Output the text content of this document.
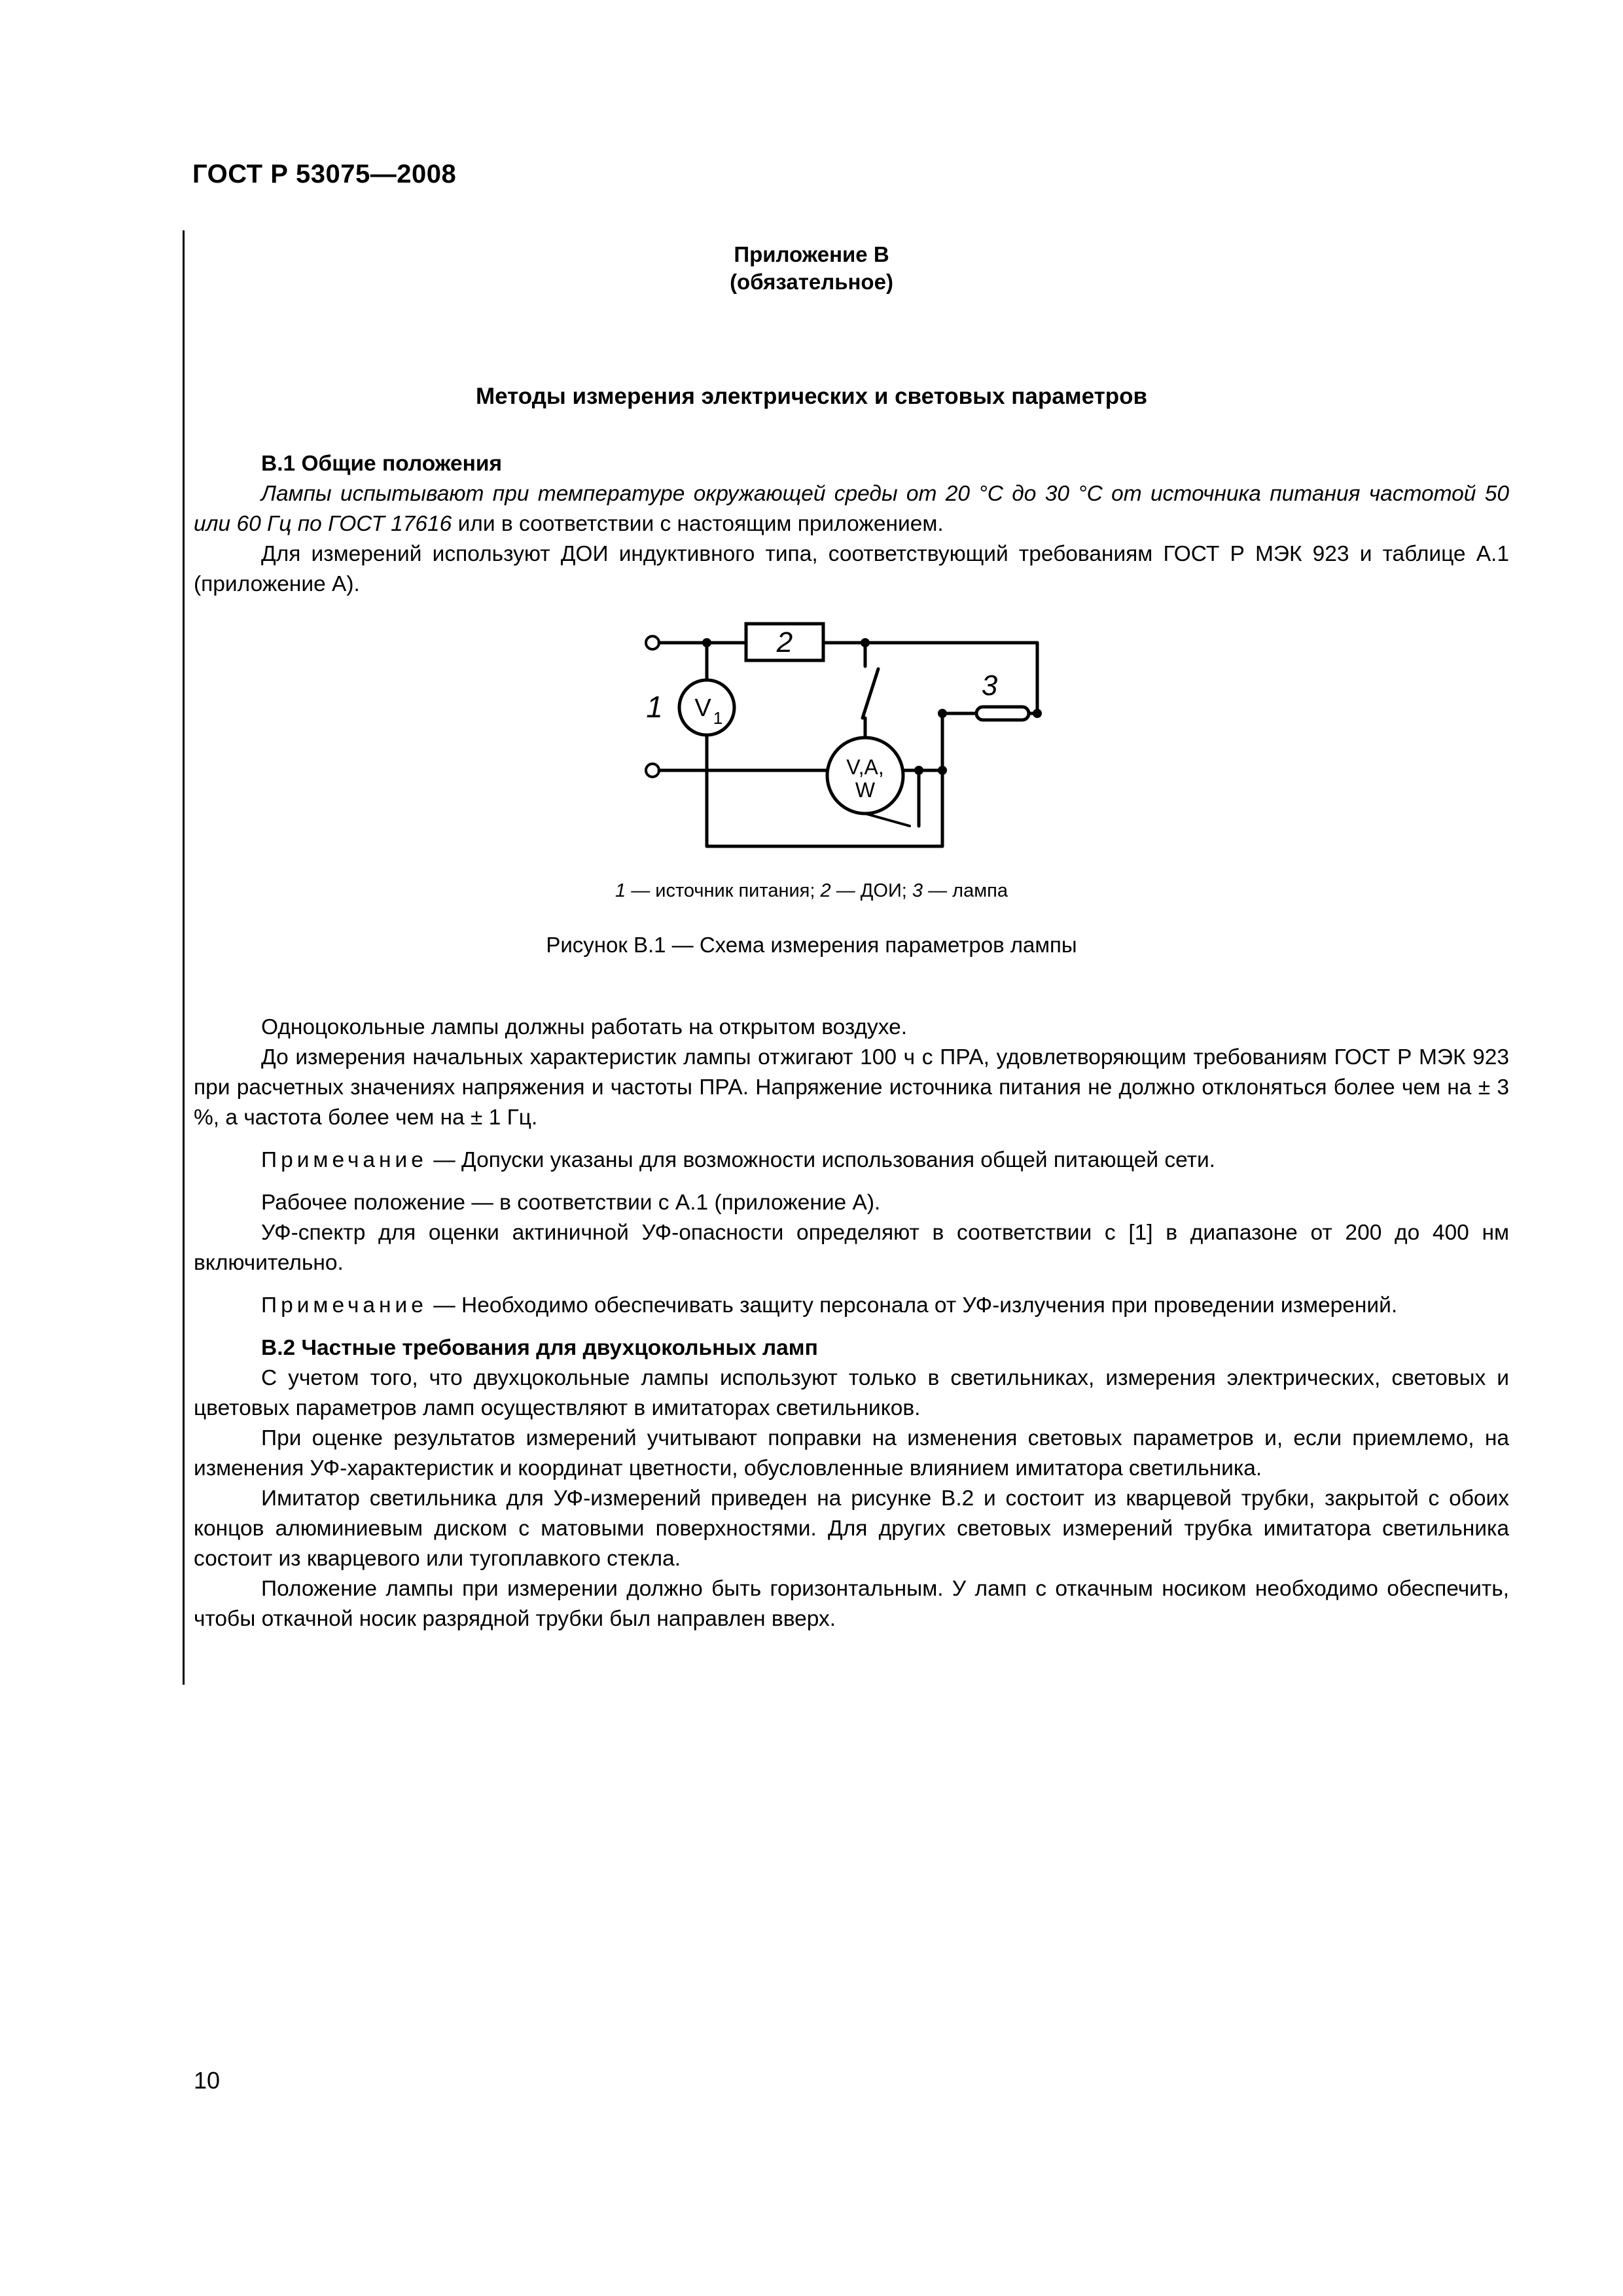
ГОСТ Р 53075—2008
Приложение В
(обязательное)
Методы измерения электрических и световых параметров

В.1 Общие положения

Лампы испытывают при температуре окружающей среды от 20 °С до 30 °С от источника питания частотой 50 или 60 Гц по ГОСТ 17616 или в соответствии с настоящим приложением.

Для измерений используют ДОИ индуктивного типа, соответствующий требованиям ГОСТ Р МЭК 923 и таблице А.1 (приложение А).

2
1 V 1
V,A,
W
3
1 — источник питания; 2 — ДОИ; 3 — лампа
Рисунок В.1 — Схема измерения параметров лампы

Одноцокольные лампы должны работать на открытом воздухе.

До измерения начальных характеристик лампы отжигают 100 ч с ПРА, удовлетворяющим требованиям ГОСТ Р МЭК 923 при расчетных значениях напряжения и частоты ПРА. Напряжение источника питания не должно отклоняться более чем на ± 3 %, а частота более чем на ± 1 Гц.

Примечание — Допуски указаны для возможности использования общей питающей сети.

Рабочее положение — в соответствии с А.1 (приложение А).

УФ-спектр для оценки актиничной УФ-опасности определяют в соответствии с [1] в диапазоне от 200 до 400 нм включительно.

Примечание — Необходимо обеспечивать защиту персонала от УФ-излучения при проведении измерений.

В.2 Частные требования для двухцокольных ламп

С учетом того, что двухцокольные лампы используют только в светильниках, измерения электрических, световых и цветовых параметров ламп осуществляют в имитаторах светильников.

При оценке результатов измерений учитывают поправки на изменения световых параметров и, если приемлемо, на изменения УФ-характеристик и координат цветности, обусловленные влиянием имитатора светильника.

Имитатор светильника для УФ-измерений приведен на рисунке В.2 и состоит из кварцевой трубки, закрытой с обоих концов алюминиевым диском с матовыми поверхностями. Для других световых измерений трубка имитатора светильника состоит из кварцевого или тугоплавкого стекла.

Положение лампы при измерении должно быть горизонтальным. У ламп с откачным носиком необходимо обеспечить, чтобы откачной носик разрядной трубки был направлен вверх.

10
